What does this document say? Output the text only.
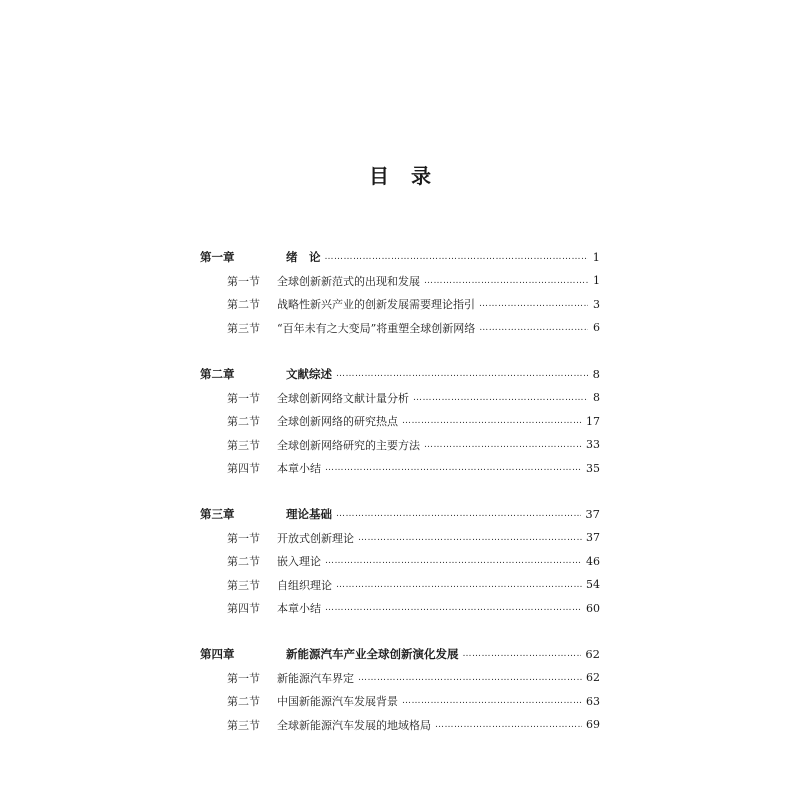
目 录
第一章	绪　论 ……………………………………………………………………………………………………………………………………………………………………………	1
第一节	全球创新新范式的出现和发展 ……………………………………………………………………………………………………………………………………………………………………………	1
第二节	战略性新兴产业的创新发展需要理论指引 ……………………………………………………………………………………………………………………………………………………………………………	3
第三节	“百年未有之大变局”将重塑全球创新网络 ……………………………………………………………………………………………………………………………………………………………………………	6
第二章	文献综述 ……………………………………………………………………………………………………………………………………………………………………………	8
第一节	全球创新网络文献计量分析 ……………………………………………………………………………………………………………………………………………………………………………	8
第二节	全球创新网络的研究热点 ……………………………………………………………………………………………………………………………………………………………………………	17
第三节	全球创新网络研究的主要方法 ……………………………………………………………………………………………………………………………………………………………………………	33
第四节	本章小结 ……………………………………………………………………………………………………………………………………………………………………………	35
第三章	理论基础 ……………………………………………………………………………………………………………………………………………………………………………	37
第一节	开放式创新理论 ……………………………………………………………………………………………………………………………………………………………………………	37
第二节	嵌入理论 ……………………………………………………………………………………………………………………………………………………………………………	46
第三节	自组织理论 ……………………………………………………………………………………………………………………………………………………………………………	54
第四节	本章小结 ……………………………………………………………………………………………………………………………………………………………………………	60
第四章	新能源汽车产业全球创新演化发展 ……………………………………………………………………………………………………………………………………………………………………………	62
第一节	新能源汽车界定 ……………………………………………………………………………………………………………………………………………………………………………	62
第二节	中国新能源汽车发展背景 ……………………………………………………………………………………………………………………………………………………………………………	63
第三节	全球新能源汽车发展的地域格局 ……………………………………………………………………………………………………………………………………………………………………………	69
